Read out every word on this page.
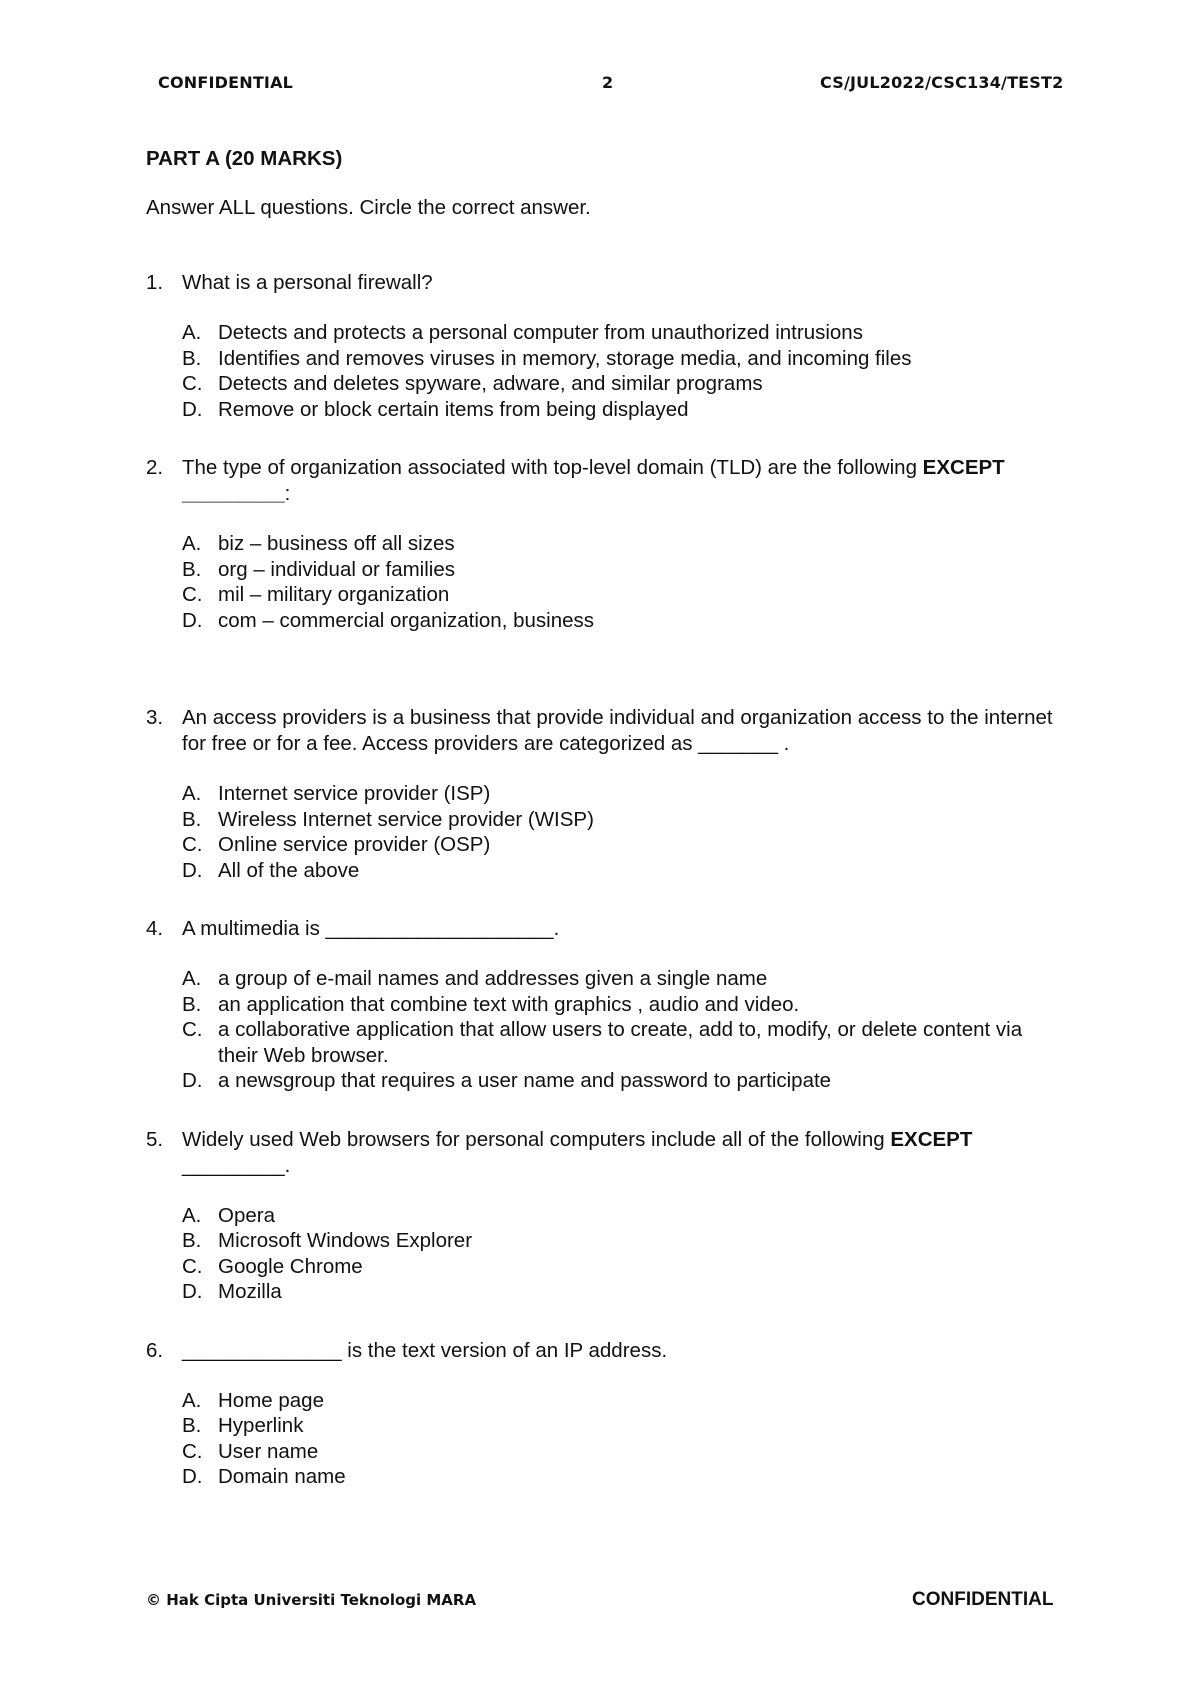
CONFIDENTIAL	2	CS/JUL2022/CSC134/TEST2
PART A (20 MARKS)
Answer ALL questions. Circle the correct answer.
1. What is a personal firewall?
A. Detects and protects a personal computer from unauthorized intrusions
B. Identifies and removes viruses in memory, storage media, and incoming files
C. Detects and deletes spyware, adware, and similar programs
D. Remove or block certain items from being displayed
2. The type of organization associated with top-level domain (TLD) are the following EXCEPT
_________:
A. biz – business off all sizes
B. org – individual or families
C. mil – military organization
D. com – commercial organization, business
3. An access providers is a business that provide individual and organization access to the internet for free or for a fee. Access providers are categorized as _______ .
A. Internet service provider (ISP)
B. Wireless Internet service provider (WISP)
C. Online service provider (OSP)
D. All of the above
4. A multimedia is ____________________.
A. a group of e-mail names and addresses given a single name
B. an application that combine text with graphics , audio and video.
C. a collaborative application that allow users to create, add to, modify, or delete content via their Web browser.
D. a newsgroup that requires a user name and password to participate
5. Widely used Web browsers for personal computers include all of the following EXCEPT _________.
A. Opera
B. Microsoft Windows Explorer
C. Google Chrome
D. Mozilla
6. ______________ is the text version of an IP address.
A. Home page
B. Hyperlink
C. User name
D. Domain name
© Hak Cipta Universiti Teknologi MARA	CONFIDENTIAL
